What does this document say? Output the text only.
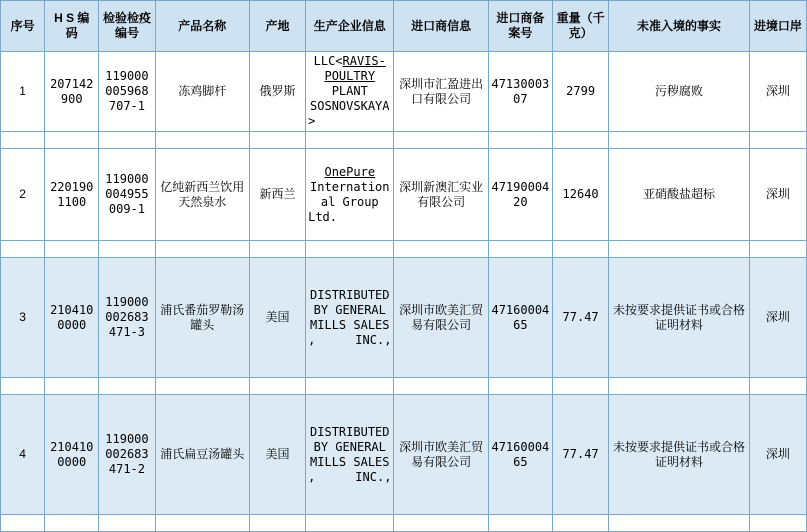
序号	H S 编 码	检验检疫编号	产品名称	产地	生产企业信息	进口商信息	进口商备案号	重量（千克）	未准入境的事实	进境口岸
1	207142 900	119000 005968 707-1	冻鸡脚杆	俄罗斯	LLC<RAVIS-POULTRY PLANT SOSNOVSKAYA>	深圳市汇盈进出口有限公司	4713000307	2799	污秽腐败	深圳

2	220190 1100	119000 004955 009-1	亿纯新西兰饮用天然泉水	新西兰	OnePure International Group Ltd.	深圳新澳汇实业有限公司	4719000420	12640	亚硝酸盐超标	深圳

3	210410 0000	119000 002683 471-3	浦氏番茄罗勒汤罐头	美国	DISTRIBUTED BY GENERAL MILLS SALES , INC.,	深圳市欧美汇贸易有限公司	4716000465	77.47	未按要求提供证书或合格证明材料	深圳

4	210410 0000	119000 002683 471-2	浦氏扁豆汤罐头	美国	DISTRIBUTED BY GENERAL MILLS SALES , INC.,	深圳市欧美汇贸易有限公司	4716000465	77.47	未按要求提供证书或合格证明材料	深圳
